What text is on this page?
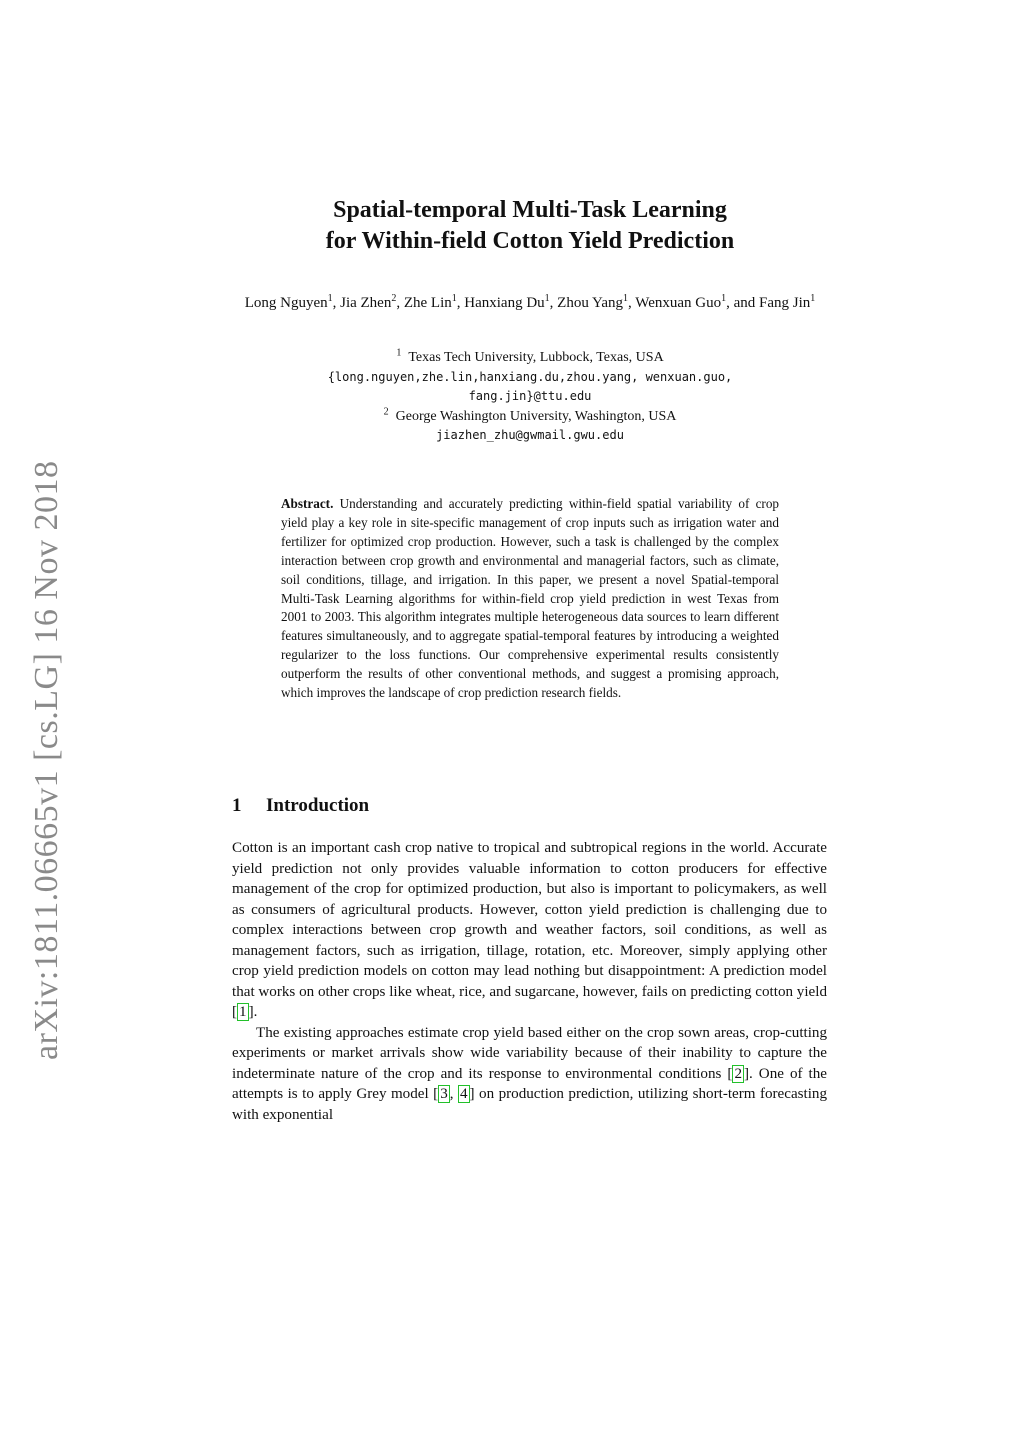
arXiv:1811.06665v1 [cs.LG] 16 Nov 2018
Spatial-temporal Multi-Task Learning
for Within-field Cotton Yield Prediction
Long Nguyen$^1$, Jia Zhen$^2$, Zhe Lin$^1$, Hanxiang Du$^1$, Zhou Yang$^1$, Wenxuan Guo$^1$, and Fang Jin$^1$
$^1$ Texas Tech University, Lubbock, Texas, USA
{long.nguyen,zhe.lin,hanxiang.du,zhou.yang, wenxuan.guo,
fang.jin}@ttu.edu
$^2$ George Washington University, Washington, USA
jiazhen_zhu@gwmail.gwu.edu
Abstract. Understanding and accurately predicting within-field spatial variability of crop yield play a key role in site-specific management of crop inputs such as irrigation water and fertilizer for optimized crop production. However, such a task is challenged by the complex interaction between crop growth and environmental and managerial factors, such as climate, soil conditions, tillage, and irrigation. In this paper, we present a novel Spatial-temporal Multi-Task Learning algorithms for within-field crop yield prediction in west Texas from 2001 to 2003. This algorithm integrates multiple heterogeneous data sources to learn different features simultaneously, and to aggregate spatial-temporal features by introducing a weighted regularizer to the loss functions. Our comprehensive experimental results consistently outperform the results of other conventional methods, and suggest a promising approach, which improves the landscape of crop prediction research fields.
1 Introduction

Cotton is an important cash crop native to tropical and subtropical regions in the world. Accurate yield prediction not only provides valuable information to cotton producers for effective management of the crop for optimized production, but also is important to policymakers, as well as consumers of agricultural products. However, cotton yield prediction is challenging due to complex interactions between crop growth and weather factors, soil conditions, as well as management factors, such as irrigation, tillage, rotation, etc. Moreover, simply applying other crop yield prediction models on cotton may lead nothing but disappointment: A prediction model that works on other crops like wheat, rice, and sugarcane, however, fails on predicting cotton yield [ 1 ].

The existing approaches estimate crop yield based either on the crop sown areas, crop-cutting experiments or market arrivals show wide variability because of their inability to capture the indeterminate nature of the crop and its response to environmental conditions [ 2 ]. One of the attempts is to apply Grey model [ 3 , 4 ] on production prediction, utilizing short-term forecasting with exponential
